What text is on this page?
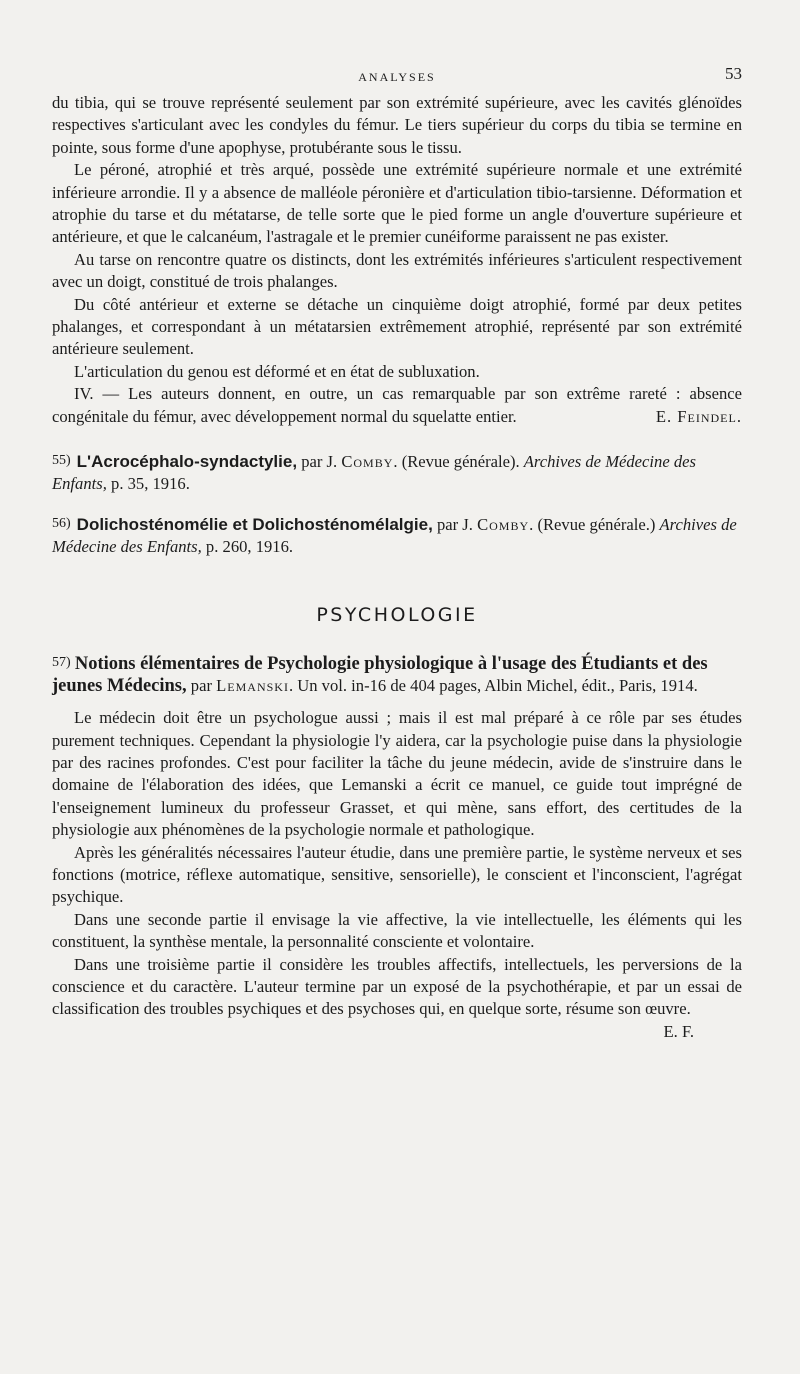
ANALYSES	53

du tibia, qui se trouve représenté seulement par son extrémité supérieure, avec les cavités glénoïdes respectives s'articulant avec les condyles du fémur. Le tiers supérieur du corps du tibia se termine en pointe, sous forme d'une apophyse, protubérante sous le tissu.

Le péroné, atrophié et très arqué, possède une extrémité supérieure normale et une extrémité inférieure arrondie. Il y a absence de malléole péronière et d'articulation tibio-tarsienne. Déformation et atrophie du tarse et du métatarse, de telle sorte que le pied forme un angle d'ouverture supérieure et antérieure, et que le calcanéum, l'astragale et le premier cunéiforme paraissent ne pas exister.

Au tarse on rencontre quatre os distincts, dont les extrémités inférieures s'articulent respectivement avec un doigt, constitué de trois phalanges.

Du côté antérieur et externe se détache un cinquième doigt atrophié, formé par deux petites phalanges, et correspondant à un métatarsien extrêmement atrophié, représenté par son extrémité antérieure seulement.

L'articulation du genou est déformé et en état de subluxation.

IV. — Les auteurs donnent, en outre, un cas remarquable par son extrême rareté : absence congénitale du fémur, avec développement normal du squelatte entier.	E. Feindel.

55) L'Acrocéphalo-syndactylie, par J. Comby. (Revue générale). Archives de Médecine des Enfants, p. 35, 1916.
56) Dolichosténomélie et Dolichosténomélalgie, par J. Comby. (Revue générale.) Archives de Médecine des Enfants, p. 260, 1916.
PSYCHOLOGIE
57) Notions élémentaires de Psychologie physiologique à l'usage des Étudiants et des jeunes Médecins, par Lemanski. Un vol. in-16 de 404 pages, Albin Michel, édit., Paris, 1914.

Le médecin doit être un psychologue aussi ; mais il est mal préparé à ce rôle par ses études purement techniques. Cependant la physiologie l'y aidera, car la psychologie puise dans la physiologie par des racines profondes. C'est pour faciliter la tâche du jeune médecin, avide de s'instruire dans le domaine de l'élaboration des idées, que Lemanski a écrit ce manuel, ce guide tout imprégné de l'enseignement lumineux du professeur Grasset, et qui mène, sans effort, des certitudes de la physiologie aux phénomènes de la psychologie normale et pathologique.

Après les généralités nécessaires l'auteur étudie, dans une première partie, le système nerveux et ses fonctions (motrice, réflexe automatique, sensitive, sensorielle), le conscient et l'inconscient, l'agrégat psychique.

Dans une seconde partie il envisage la vie affective, la vie intellectuelle, les éléments qui les constituent, la synthèse mentale, la personnalité consciente et volontaire.

Dans une troisième partie il considère les troubles affectifs, intellectuels, les perversions de la conscience et du caractère. L'auteur termine par un exposé de la psychothérapie, et par un essai de classification des troubles psychiques et des psychoses qui, en quelque sorte, résume son œuvre.
E. F.
